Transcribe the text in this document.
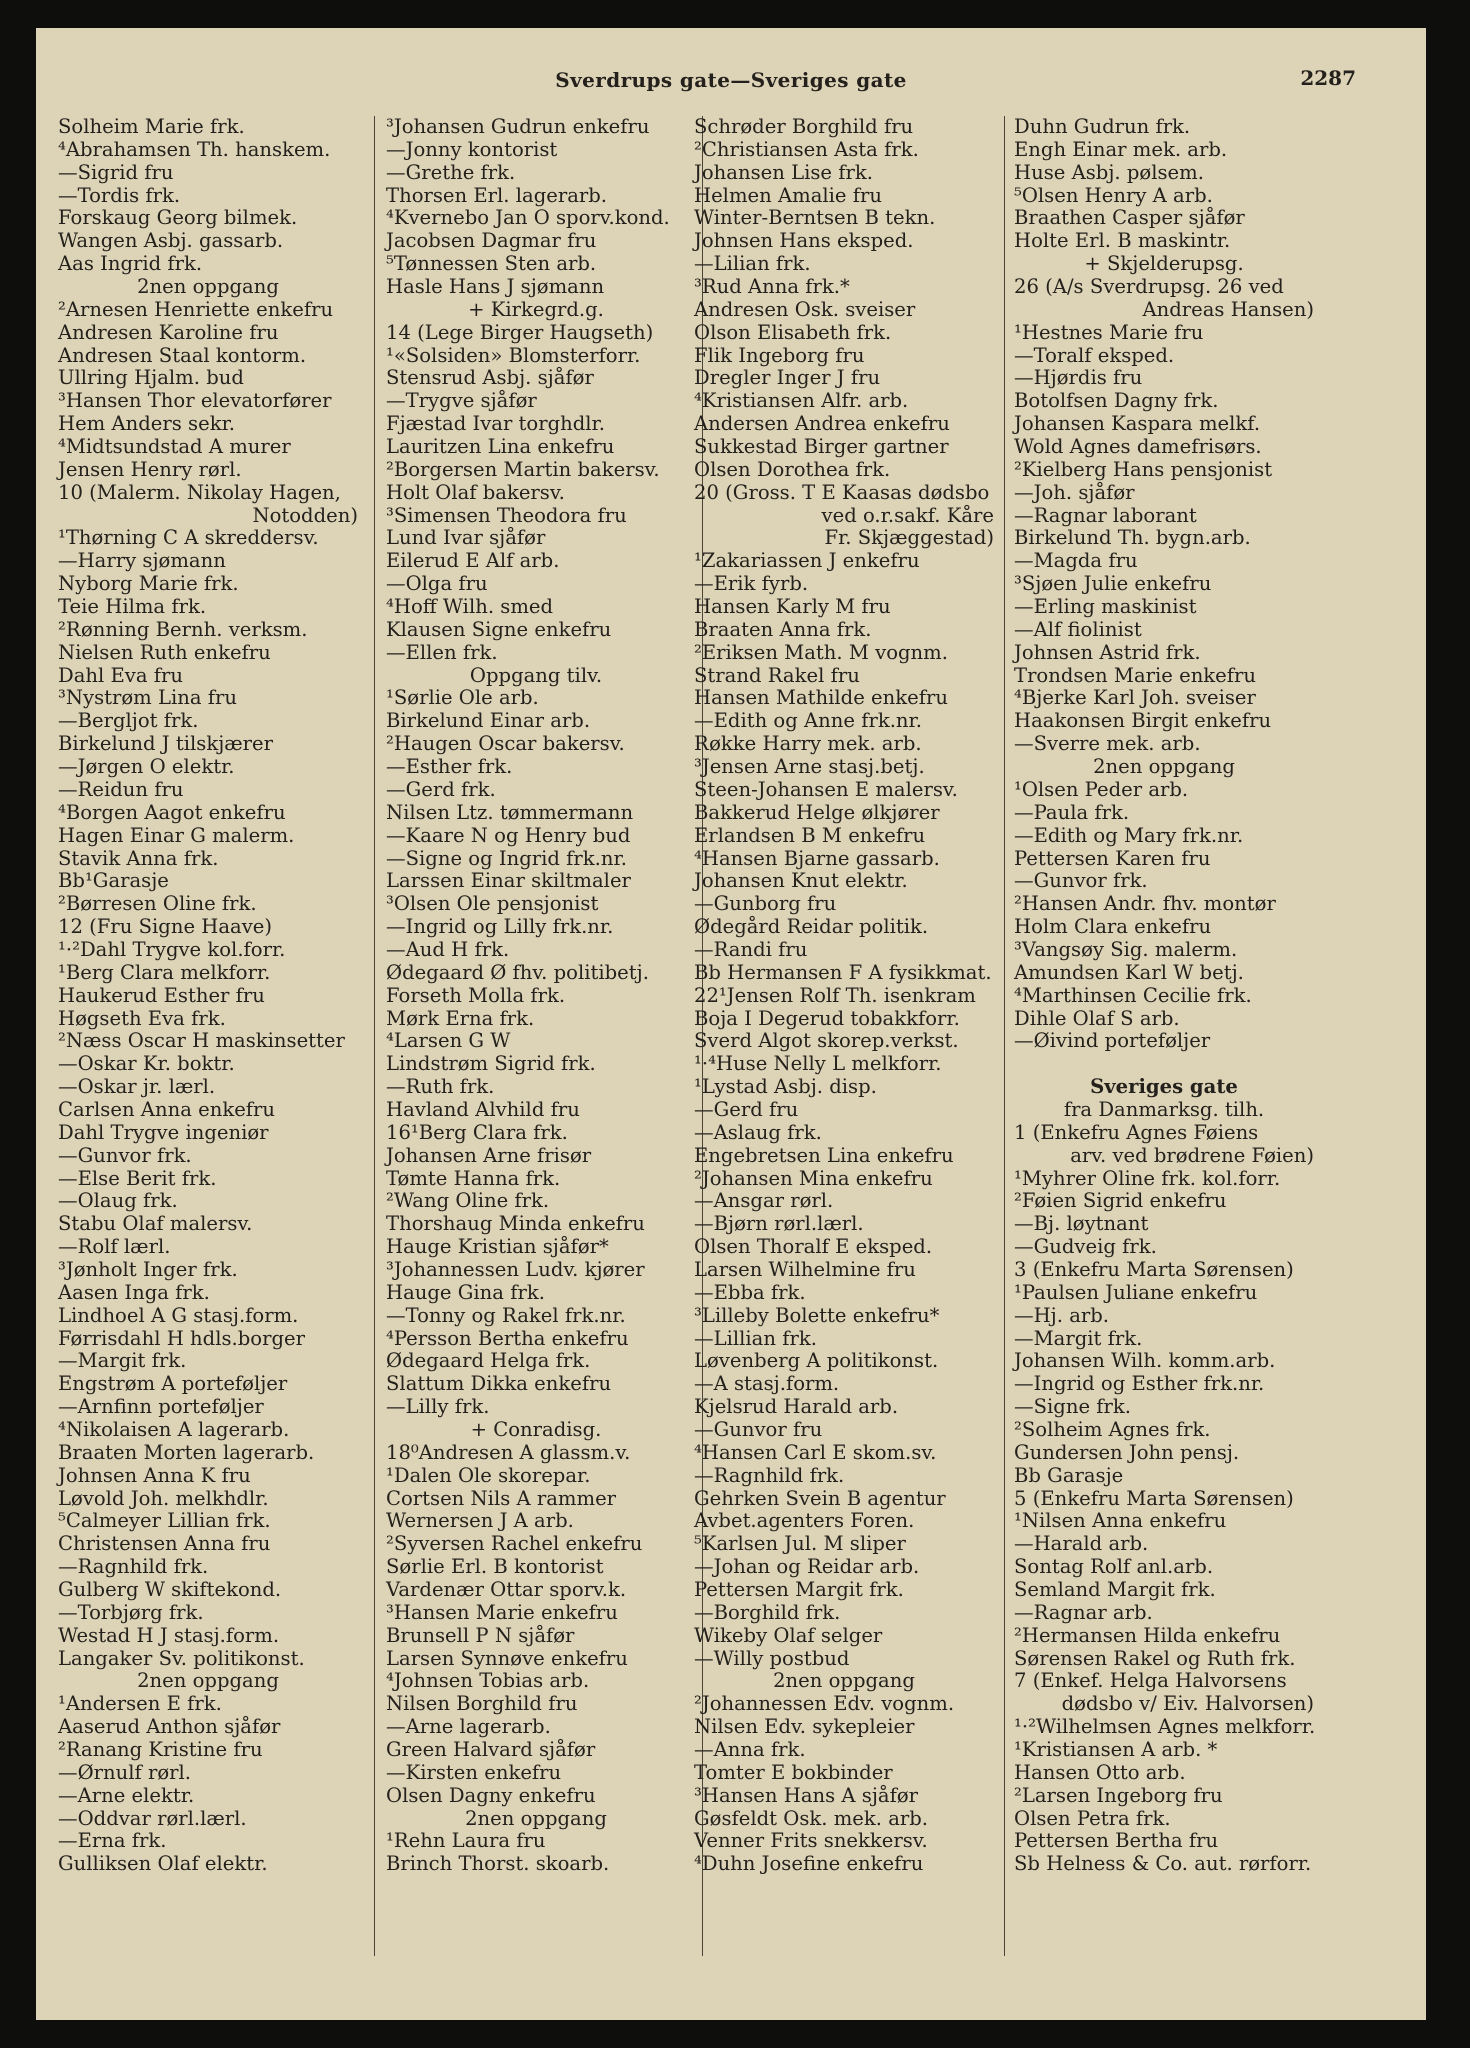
Sverdrups gate—Sveriges gate	2287
Solheim Marie frk.
⁴Abrahamsen Th. hanskem.
—Sigrid fru
—Tordis frk.
Forskaug Georg bilmek.
Wangen Asbj. gassarb.
Aas Ingrid frk.
2nen oppgang
²Arnesen Henriette enkefru
Andresen Karoline fru
Andresen Staal kontorm.
Ullring Hjalm. bud
³Hansen Thor elevatorfører
Hem Anders sekr.
⁴Midtsundstad A murer
Jensen Henry rørl.
10 (Malerm. Nikolay Hagen,
Notodden)
¹Thørning C A skreddersv.
—Harry sjømann
Nyborg Marie frk.
Teie Hilma frk.
²Rønning Bernh. verksm.
Nielsen Ruth enkefru
Dahl Eva fru
³Nystrøm Lina fru
—Bergljot frk.
Birkelund J tilskjærer
—Jørgen O elektr.
—Reidun fru
⁴Borgen Aagot enkefru
Hagen Einar G malerm.
Stavik Anna frk.
Bb¹Garasje
²Børresen Oline frk.
12 (Fru Signe Haave)
¹·²Dahl Trygve kol.forr.
¹Berg Clara melkforr.
Haukerud Esther fru
Høgseth Eva frk.
²Næss Oscar H maskinsetter
—Oskar Kr. boktr.
—Oskar jr. lærl.
Carlsen Anna enkefru
Dahl Trygve ingeniør
—Gunvor frk.
—Else Berit frk.
—Olaug frk.
Stabu Olaf malersv.
—Rolf lærl.
³Jønholt Inger frk.
Aasen Inga frk.
Lindhoel A G stasj.form.
Førrisdahl H hdls.borger
—Margit frk.
Engstrøm A porteføljer
—Arnfinn porteføljer
⁴Nikolaisen A lagerarb.
Braaten Morten lagerarb.
Johnsen Anna K fru
Løvold Joh. melkhdlr.
⁵Calmeyer Lillian frk.
Christensen Anna fru
—Ragnhild frk.
Gulberg W skiftekond.
—Torbjørg frk.
Westad H J stasj.form.
Langaker Sv. politikonst.
2nen oppgang
¹Andersen E frk.
Aaserud Anthon sjåfør
²Ranang Kristine fru
—Ørnulf rørl.
—Arne elektr.
—Oddvar rørl.lærl.
—Erna frk.
Gulliksen Olaf elektr.
³Johansen Gudrun enkefru
—Jonny kontorist
—Grethe frk.
Thorsen Erl. lagerarb.
⁴Kvernebo Jan O sporv.kond.
Jacobsen Dagmar fru
⁵Tønnessen Sten arb.
Hasle Hans J sjømann
+ Kirkegrd.g.
14 (Lege Birger Haugseth)
¹«Solsiden» Blomsterforr.
Stensrud Asbj. sjåfør
—Trygve sjåfør
Fjæstad Ivar torghdlr.
Lauritzen Lina enkefru
²Borgersen Martin bakersv.
Holt Olaf bakersv.
³Simensen Theodora fru
Lund Ivar sjåfør
Eilerud E Alf arb.
—Olga fru
⁴Hoff Wilh. smed
Klausen Signe enkefru
—Ellen frk.
Oppgang tilv.
¹Sørlie Ole arb.
Birkelund Einar arb.
²Haugen Oscar bakersv.
—Esther frk.
—Gerd frk.
Nilsen Ltz. tømmermann
—Kaare N og Henry bud
—Signe og Ingrid frk.nr.
Larssen Einar skiltmaler
³Olsen Ole pensjonist
—Ingrid og Lilly frk.nr.
—Aud H frk.
Ødegaard Ø fhv. politibetj.
Forseth Molla frk.
Mørk Erna frk.
⁴Larsen G W
Lindstrøm Sigrid frk.
—Ruth frk.
Havland Alvhild fru
16¹Berg Clara frk.
Johansen Arne frisør
Tømte Hanna frk.
²Wang Oline frk.
Thorshaug Minda enkefru
Hauge Kristian sjåfør*
³Johannessen Ludv. kjører
Hauge Gina frk.
—Tonny og Rakel frk.nr.
⁴Persson Bertha enkefru
Ødegaard Helga frk.
Slattum Dikka enkefru
—Lilly frk.
+ Conradisg.
18⁰Andresen A glassm.v.
¹Dalen Ole skorepar.
Cortsen Nils A rammer
Wernersen J A arb.
²Syversen Rachel enkefru
Sørlie Erl. B kontorist
Vardenær Ottar sporv.k.
³Hansen Marie enkefru
Brunsell P N sjåfør
Larsen Synnøve enkefru
⁴Johnsen Tobias arb.
Nilsen Borghild fru
—Arne lagerarb.
Green Halvard sjåfør
—Kirsten enkefru
Olsen Dagny enkefru
2nen oppgang
¹Rehn Laura fru
Brinch Thorst. skoarb.
Schrøder Borghild fru
²Christiansen Asta frk.
Johansen Lise frk.
Helmen Amalie fru
Winter-Berntsen B tekn.
Johnsen Hans eksped.
—Lilian frk.
³Rud Anna frk.*
Andresen Osk. sveiser
Olson Elisabeth frk.
Flik Ingeborg fru
Dregler Inger J fru
⁴Kristiansen Alfr. arb.
Andersen Andrea enkefru
Sukkestad Birger gartner
Olsen Dorothea frk.
20 (Gross. T E Kaasas dødsbo
ved o.r.sakf. Kåre
Fr. Skjæggestad)
¹Zakariassen J enkefru
—Erik fyrb.
Hansen Karly M fru
Braaten Anna frk.
²Eriksen Math. M vognm.
Strand Rakel fru
Hansen Mathilde enkefru
—Edith og Anne frk.nr.
Røkke Harry mek. arb.
³Jensen Arne stasj.betj.
Steen-Johansen E malersv.
Bakkerud Helge ølkjører
Erlandsen B M enkefru
⁴Hansen Bjarne gassarb.
Johansen Knut elektr.
—Gunborg fru
Ødegård Reidar politik.
—Randi fru
Bb Hermansen F A fysikkmat.
22¹Jensen Rolf Th. isenkram
Boja I Degerud tobakkforr.
Sverd Algot skorep.verkst.
¹·⁴Huse Nelly L melkforr.
¹Lystad Asbj. disp.
—Gerd fru
—Aslaug frk.
Engebretsen Lina enkefru
²Johansen Mina enkefru
—Ansgar rørl.
—Bjørn rørl.lærl.
Olsen Thoralf E eksped.
Larsen Wilhelmine fru
—Ebba frk.
³Lilleby Bolette enkefru*
—Lillian frk.
Løvenberg A politikonst.
—A stasj.form.
Kjelsrud Harald arb.
—Gunvor fru
⁴Hansen Carl E skom.sv.
—Ragnhild frk.
Gehrken Svein B agentur
Avbet.agenters Foren.
⁵Karlsen Jul. M sliper
—Johan og Reidar arb.
Pettersen Margit frk.
—Borghild frk.
Wikeby Olaf selger
—Willy postbud
2nen oppgang
²Johannessen Edv. vognm.
Nilsen Edv. sykepleier
—Anna frk.
Tomter E bokbinder
³Hansen Hans A sjåfør
Gøsfeldt Osk. mek. arb.
Venner Frits snekkersv.
⁴Duhn Josefine enkefru
Duhn Gudrun frk.
Engh Einar mek. arb.
Huse Asbj. pølsem.
⁵Olsen Henry A arb.
Braathen Casper sjåfør
Holte Erl. B maskintr.
+ Skjelderupsg.
26 (A/s Sverdrupsg. 26 ved
Andreas Hansen)
¹Hestnes Marie fru
—Toralf eksped.
—Hjørdis fru
Botolfsen Dagny frk.
Johansen Kaspara melkf.
Wold Agnes damefrisørs.
²Kielberg Hans pensjonist
—Joh. sjåfør
—Ragnar laborant
Birkelund Th. bygn.arb.
—Magda fru
³Sjøen Julie enkefru
—Erling maskinist
—Alf fiolinist
Johnsen Astrid frk.
Trondsen Marie enkefru
⁴Bjerke Karl Joh. sveiser
Haakonsen Birgit enkefru
—Sverre mek. arb.
2nen oppgang
¹Olsen Peder arb.
—Paula frk.
—Edith og Mary frk.nr.
Pettersen Karen fru
—Gunvor frk.
²Hansen Andr. fhv. montør
Holm Clara enkefru
³Vangsøy Sig. malerm.
Amundsen Karl W betj.
⁴Marthinsen Cecilie frk.
Dihle Olaf S arb.
—Øivind porteføljer
Sveriges gate
fra Danmarksg. tilh.
1 (Enkefru Agnes Føiens
arv. ved brødrene Føien)
¹Myhrer Oline frk. kol.forr.
²Føien Sigrid enkefru
—Bj. løytnant
—Gudveig frk.
3 (Enkefru Marta Sørensen)
¹Paulsen Juliane enkefru
—Hj. arb.
—Margit frk.
Johansen Wilh. komm.arb.
—Ingrid og Esther frk.nr.
—Signe frk.
²Solheim Agnes frk.
Gundersen John pensj.
Bb Garasje
5 (Enkefru Marta Sørensen)
¹Nilsen Anna enkefru
—Harald arb.
Sontag Rolf anl.arb.
Semland Margit frk.
—Ragnar arb.
²Hermansen Hilda enkefru
Sørensen Rakel og Ruth frk.
7 (Enkef. Helga Halvorsens
dødsbo v/ Eiv. Halvorsen)
¹·²Wilhelmsen Agnes melkforr.
¹Kristiansen A arb. *
Hansen Otto arb.
²Larsen Ingeborg fru
Olsen Petra frk.
Pettersen Bertha fru
Sb Helness & Co. aut. rørforr.
